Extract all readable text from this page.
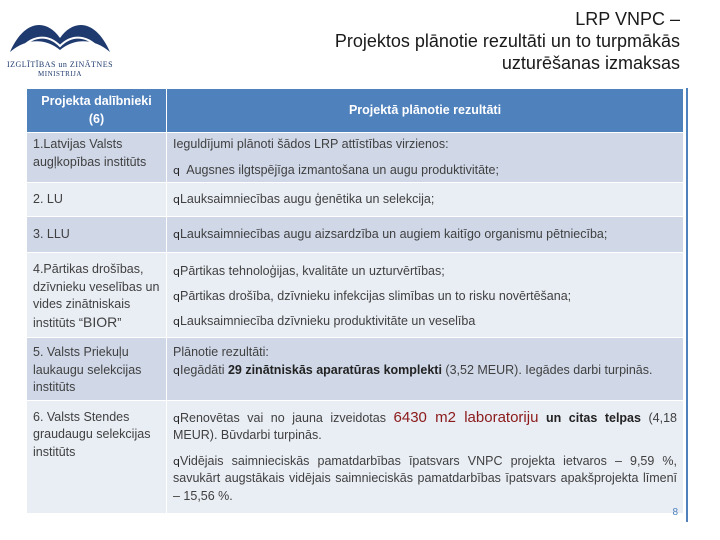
IZGLĪTĪBAS un ZINĀTNES
MINISTRIJA
LRP VNPC –
Projektos plānotie rezultāti un to turpmākās
uzturēšanas izmaksas
Projekta dalībnieki (6)	Projektā plānotie rezultāti
1.Latvijas Valsts augļkopības institūts	Ieguldījumi plānoti šādos LRP attīstības virzienos:
q Augsnes ilgtspējīga izmantošana un augu produktivitāte;

2. LU	qLauksaimniecības augu ģenētika un selekcija;
3. LLU	qLauksaimniecības augu aizsardzība un augiem kaitīgo organismu pētniecība;
4.Pārtikas drošības, dzīvnieku veselības un vides zinātniskais institūts “BIOR”	qPārtikas tehnoloģijas, kvalitāte un uzturvērtības;
qPārtikas drošība, dzīvnieku infekcijas slimības un to risku novērtēšana;
qLauksaimniecība dzīvnieku produktivitāte un veselība

5. Valsts Priekuļu laukaugu selekcijas institūts	Plānotie rezultāti:
qIegādāti 29 zinātniskās aparatūras komplekti (3,52 MEUR). Iegādes darbi turpinās.

6. Valsts Stendes graudaugu selekcijas institūts	qRenovētas vai no jauna izveidotas 6430 m2 laboratoriju un citas telpas (4,18 MEUR). Būvdarbi turpinās.
qVidējais saimnieciskās pamatdarbības īpatsvars VNPC projekta ietvaros – 9,59 %, savukārt augstākais vidējais saimnieciskās pamatdarbības īpatsvars apakšprojekta līmenī – 15,56 %.
8
